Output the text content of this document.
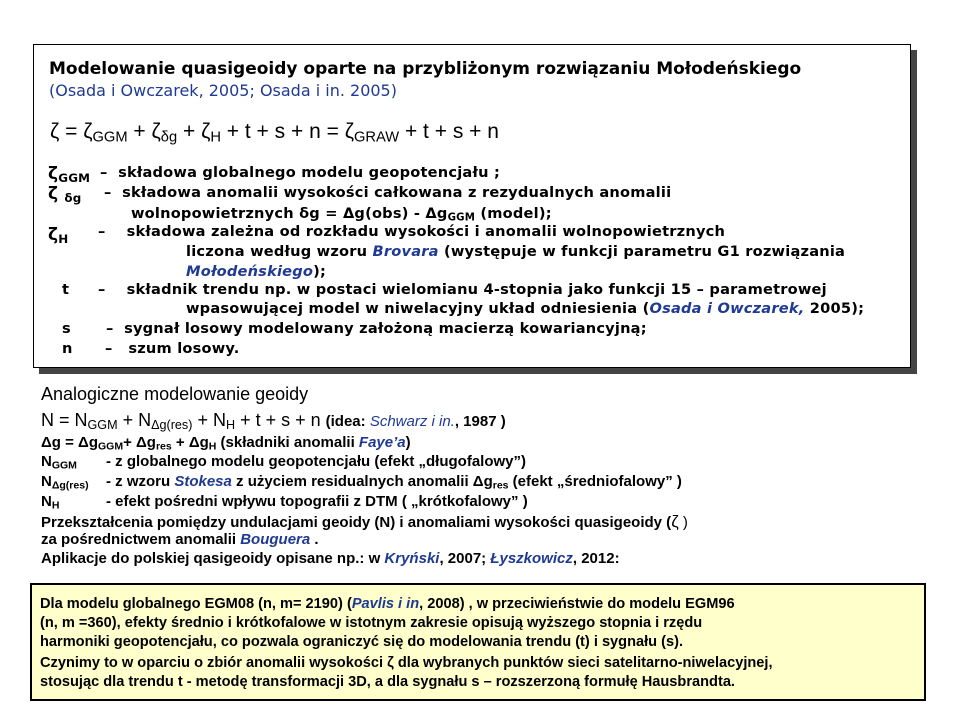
Modelowanie quasigeoidy oparte na przybliżonym rozwiązaniu Mołodeńskiego
(Osada i Owczarek, 2005; Osada i in. 2005)
$\zeta = \zeta_{GGM} + \zeta_{\delta g} + \zeta_H + t + s + n = \zeta_{GRAW} + t + s + n$
$\zeta_{GGM}$ – składowa globalnego modelu geopotencjału ;
ζ $_{\delta g}$ – składowa anomalii wysokości całkowana z rezydualnych anomalii
wolnopowietrznych $\delta g = \Delta g(obs) - \Delta g_{GGM}$ (model);
$\zeta_H$ – składowa zależna od rozkładu wysokości i anomalii wolnopowietrznych
liczona według wzoru Brovara (występuje w funkcji parametru G1 rozwiązania
Mołodeńskiego);
t – składnik trendu np. w postaci wielomianu 4-stopnia jako funkcji 15 – parametrowej
wpasowującej model w niwelacyjny układ odniesienia (Osada i Owczarek, 2005);
s – sygnał losowy modelowany założoną macierzą kowariancyjną;
n – szum losowy.
Analogiczne modelowanie geoidy
$N = N_{GGM} + N_{\Delta g(res)} + N_H + t + s + n$ (idea: Schwarz i in., 1987 )
$\Delta g = \Delta g_{GGM}+ \Delta g_{res} + \Delta g_H$ (składniki anomalii Faye’a)
$N_{GGM}$ - z globalnego modelu geopotencjału (efekt „długofalowy”)
$N_{\Delta g(res)}$ - z wzoru Stokesa z użyciem residualnych anomalii $\Delta g_{res}$ (efekt „średniofalowy” )
$N_H$	- efekt pośredni wpływu topografii z DTM ( „krótkofalowy” )
Przekształcenia pomiędzy undulacjami geoidy (N) i anomaliami wysokości quasigeoidy (ζ )
za pośrednictwem anomalii Bouguera .
Aplikacje do polskiej qasigeoidy opisane np.: w Kryński, 2007; Łyszkowicz, 2012:
Dla modelu globalnego EGM08 (n, m= 2190) (Pavlis i in, 2008) , w przeciwieństwie do modelu EGM96
(n, m =360), efekty średnio i krótkofalowe w istotnym zakresie opisują wyższego stopnia i rzędu
harmoniki geopotencjału, co pozwala ograniczyć się do modelowania trendu (t) i sygnału (s).
Czynimy to w oparciu o zbiór anomalii wysokości ζ dla wybranych punktów sieci satelitarno-niwelacyjnej,
stosując dla trendu t - metodę transformacji 3D, a dla sygnału s – rozszerzoną formułę Hausbrandta.
